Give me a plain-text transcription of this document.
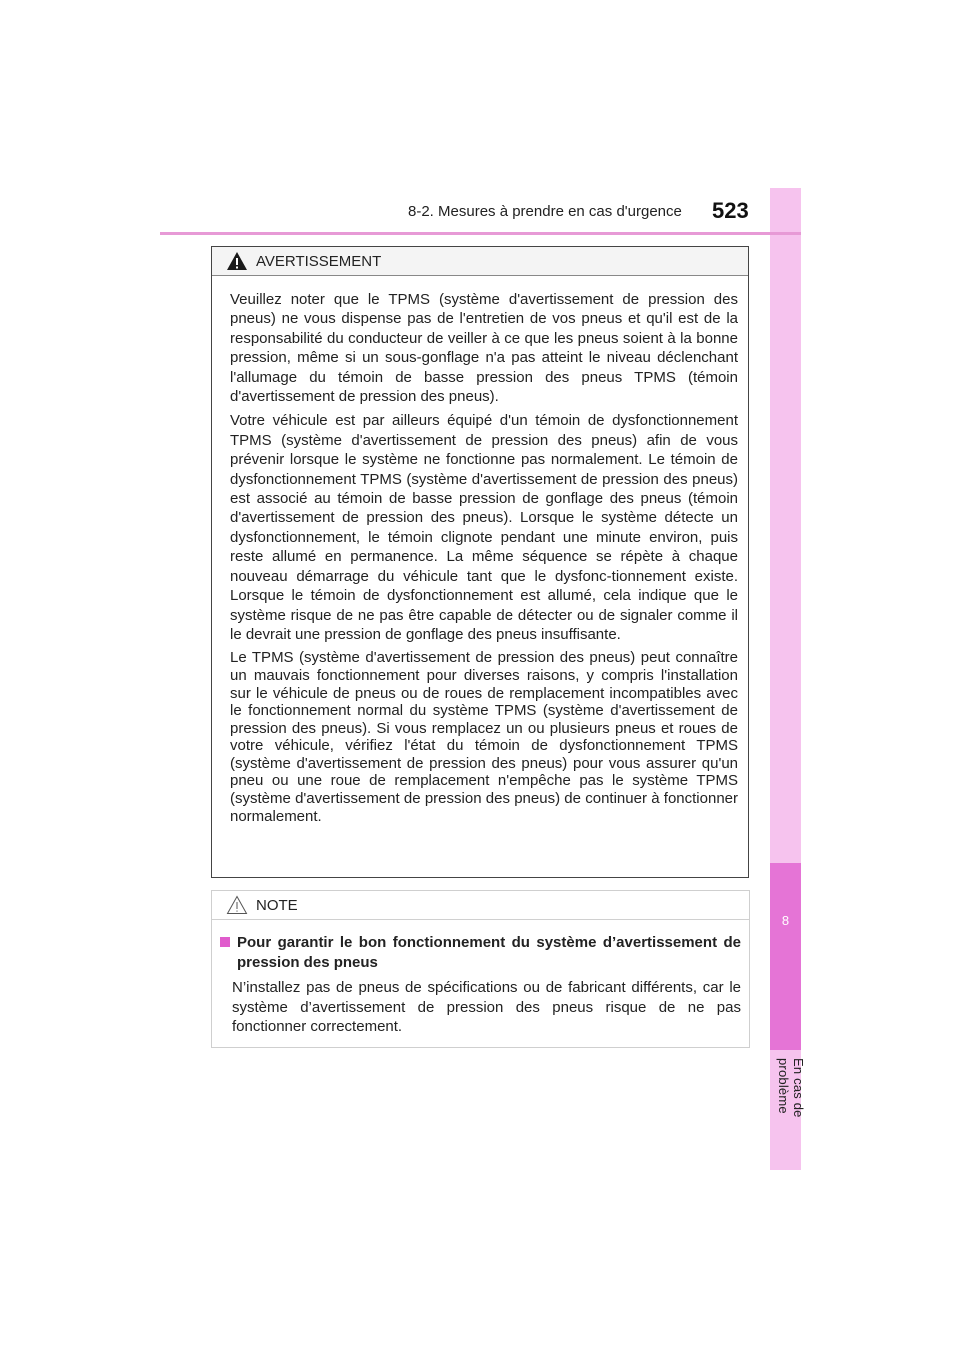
8-2. Mesures à prendre en cas d'urgence 523
8
En cas de problème
AVERTISSEMENT

Veuillez noter que le TPMS (système d'avertissement de pression des pneus) ne vous dispense pas de l'entretien de vos pneus et qu'il est de la responsabilité du conducteur de veiller à ce que les pneus soient à la bonne pression, même si un sous-gonflage n'a pas atteint le niveau déclenchant l'allumage du témoin de basse pression des pneus TPMS (témoin d'avertissement de pression des pneus).

Votre véhicule est par ailleurs équipé d'un témoin de dysfonctionnement TPMS (système d'avertissement de pression des pneus) afin de vous prévenir lorsque le système ne fonctionne pas normalement. Le témoin de dysfonctionnement TPMS (système d'avertissement de pression des pneus) est associé au témoin de basse pression de gonflage des pneus (témoin d'avertissement de pression des pneus). Lorsque le système détecte un dysfonctionnement, le témoin clignote pendant une minute environ, puis reste allumé en permanence. La même séquence se répète à chaque nouveau démarrage du véhicule tant que le dysfonc-tionnement existe. Lorsque le témoin de dysfonctionnement est allumé, cela indique que le système risque de ne pas être capable de détecter ou de signaler comme il le devrait une pression de gonflage des pneus insuffisante.

Le TPMS (système d'avertissement de pression des pneus) peut connaître un mauvais fonctionnement pour diverses raisons, y compris l'installation sur le véhicule de pneus ou de roues de remplacement incompatibles avec le fonctionnement normal du système TPMS (système d'avertissement de pression des pneus). Si vous remplacez un ou plusieurs pneus et roues de votre véhicule, vérifiez l'état du témoin de dysfonctionnement TPMS (système d'avertissement de pression des pneus) pour vous assurer qu'un pneu ou une roue de remplacement n'empêche pas le système TPMS (système d'avertissement de pression des pneus) de continuer à fonctionner normalement.

NOTE
Pour garantir le bon fonctionnement du système d’avertissement de pression des pneus
N’installez pas de pneus de spécifications ou de fabricant différents, car le système d’avertissement de pression des pneus risque de ne pas fonctionner correctement.
